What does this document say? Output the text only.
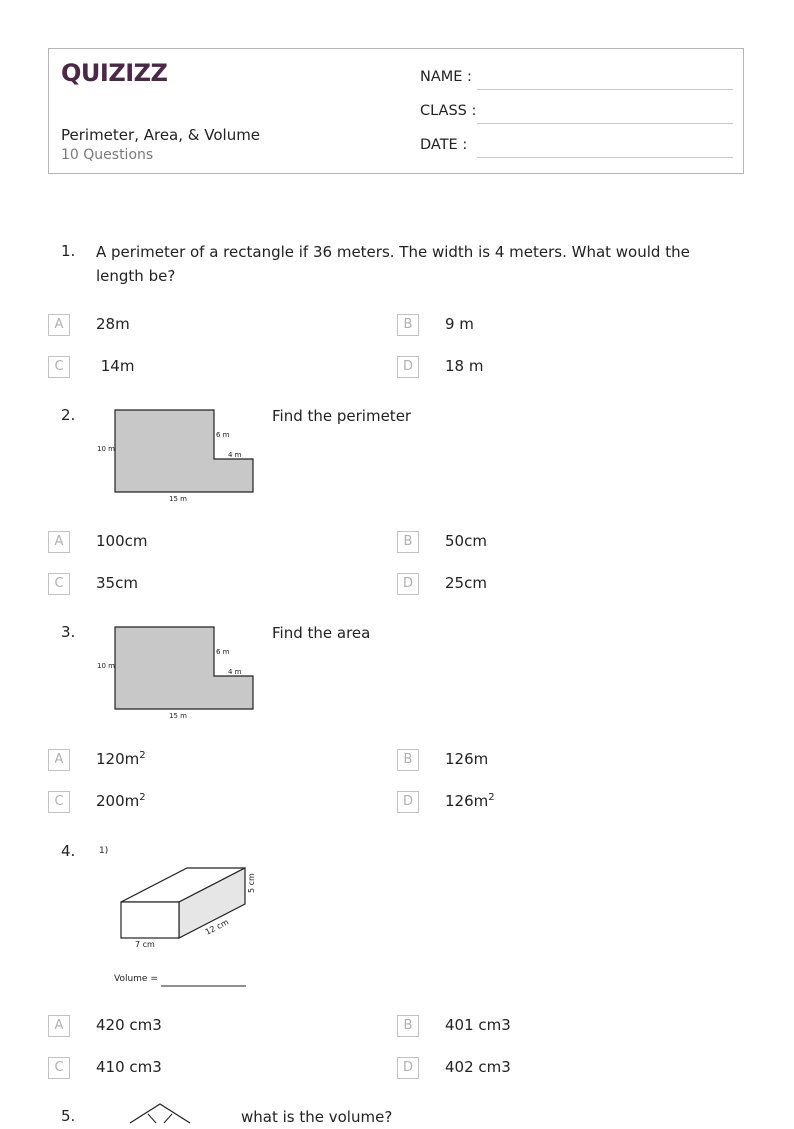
QUIZIZZ
Perimeter, Area, & Volume
10 Questions
NAME :
CLASS :
DATE :
1. A perimeter of a rectangle if 36 meters. The width is 4 meters. What would the length be?
A	28m	B	9 m
C	14m	D	18 m
2.
10 m
6 m
4 m
15 m
Find the perimeter
A	100cm	B	50cm
C	35cm	D	25cm
3.
10 m
6 m
4 m
15 m
Find the area
A	$120m^2$	B	126m
C	$200m^2$	D	$126m^2$
4.	1)
7 cm
12 cm
5 cm
Volume =
A	420 cm3	B	401 cm3
C	410 cm3	D	402 cm3
5.	what is the volume?
